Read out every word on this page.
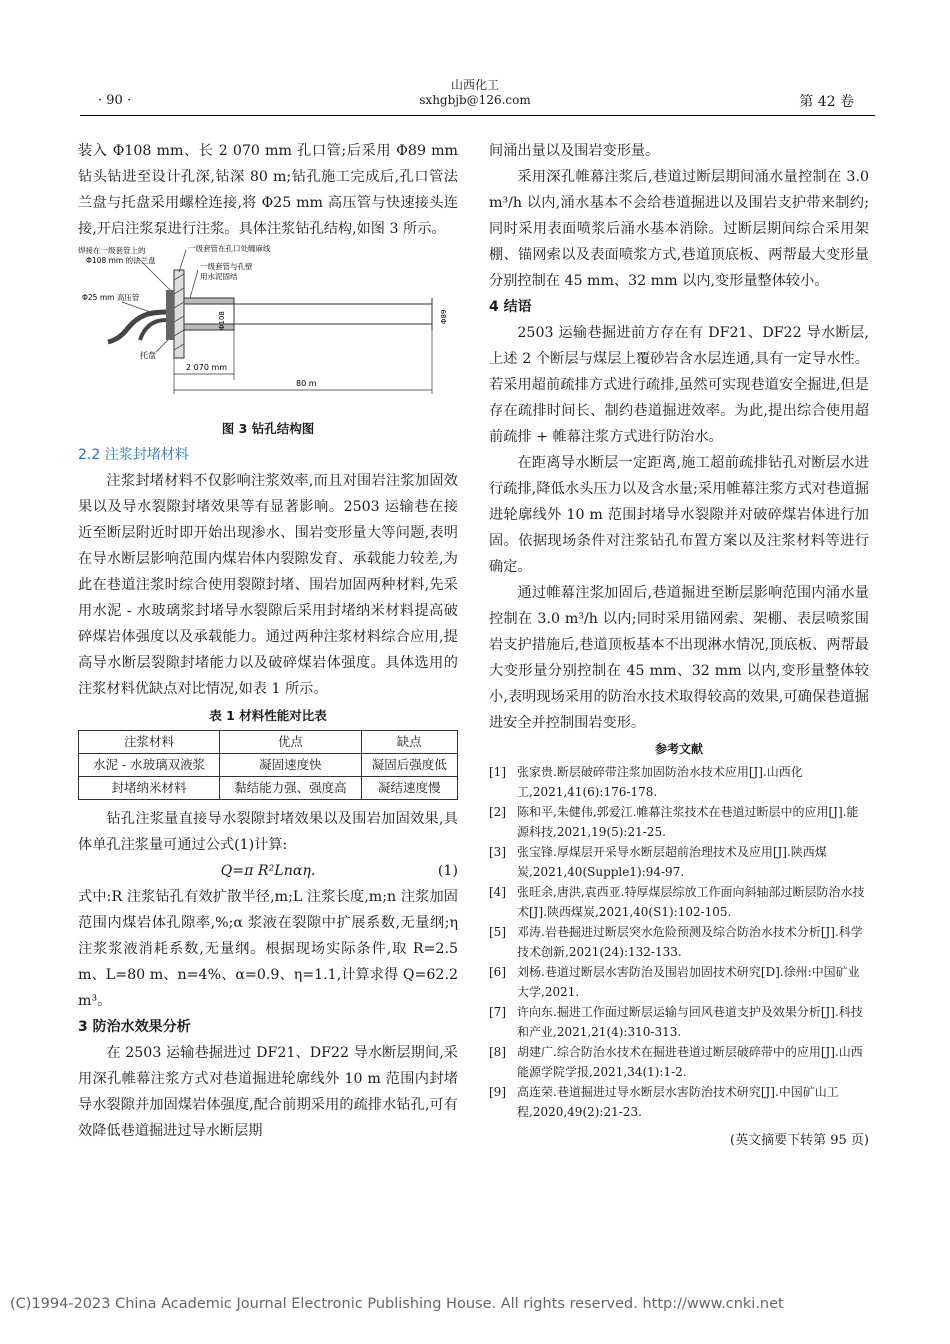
· 90 ·
山西化工
sxhgbjb@126.com	第 42 卷

装入 Φ108 mm、长 2 070 mm 孔口管;后采用 Φ89 mm 钻头钻进至设计孔深,钻深 80 m;钻孔施工完成后,孔口管法兰盘与托盘采用螺栓连接,将 Φ25 mm 高压管与快速接头连接,开启注浆泵进行注浆。具体注浆钻孔结构,如图 3 所示。

焊接在一级套管上的
Φ108 mm 的法兰盘
一级套管在孔口处缠麻线
一级套管与孔壁
用水泥固结
Φ25 mm 高压管
托盘
Φ108	Φ89
2 070 mm
80 m
图 3 钻孔结构图
2.2 注浆封堵材料

注浆封堵材料不仅影响注浆效率,而且对围岩注浆加固效果以及导水裂隙封堵效果等有显著影响。2503 运输巷在接近至断层附近时即开始出现渗水、围岩变形量大等问题,表明在导水断层影响范围内煤岩体内裂隙发育、承载能力较差,为此在巷道注浆时综合使用裂隙封堵、围岩加固两种材料,先采用水泥 - 水玻璃浆封堵导水裂隙后采用封堵纳米材料提高破碎煤岩体强度以及承载能力。通过两种注浆材料综合应用,提高导水断层裂隙封堵能力以及破碎煤岩体强度。具体选用的注浆材料优缺点对比情况,如表 1 所示。

表 1 材料性能对比表
注浆材料	优点	缺点
水泥 - 水玻璃双液浆	凝固速度快	凝固后强度低
封堵纳米材料	黏结能力强、强度高	凝结速度慢

钻孔注浆量直接导水裂隙封堵效果以及围岩加固效果,具体单孔注浆量可通过公式(1)计算:

Q=π R²Lnαη.	(1)

式中:R 注浆钻孔有效扩散半径,m;L 注浆长度,m;n 注浆加固范围内煤岩体孔隙率,%;α 浆液在裂隙中扩展系数,无量纲;η 注浆浆液消耗系数,无量纲。根据现场实际条件,取 R=2.5 m、L=80 m、n=4%、α=0.9、η=1.1,计算求得 Q=62.2 m³。

3 防治水效果分析

在 2503 运输巷掘进过 DF21、DF22 导水断层期间,采用深孔帷幕注浆方式对巷道掘进轮廓线外 10 m 范围内封堵导水裂隙并加固煤岩体强度,配合前期采用的疏排水钻孔,可有效降低巷道掘进过导水断层期

间涌出量以及围岩变形量。

采用深孔帷幕注浆后,巷道过断层期间涌水量控制在 3.0 m³/h 以内,涌水基本不会给巷道掘进以及围岩支护带来制约;同时采用表面喷浆后涌水基本消除。过断层期间综合采用架棚、锚网索以及表面喷浆方式,巷道顶底板、两帮最大变形量分别控制在 45 mm、32 mm 以内,变形量整体较小。

4 结语

2503 运输巷掘进前方存在有 DF21、DF22 导水断层,上述 2 个断层与煤层上覆砂岩含水层连通,具有一定导水性。若采用超前疏排方式进行疏排,虽然可实现巷道安全掘进,但是存在疏排时间长、制约巷道掘进效率。为此,提出综合使用超前疏排 + 帷幕注浆方式进行防治水。

在距离导水断层一定距离,施工超前疏排钻孔对断层水进行疏排,降低水头压力以及含水量;采用帷幕注浆方式对巷道掘进轮廓线外 10 m 范围封堵导水裂隙并对破碎煤岩体进行加固。依据现场条件对注浆钻孔布置方案以及注浆材料等进行确定。

通过帷幕注浆加固后,巷道掘进至断层影响范围内涌水量控制在 3.0 m³/h 以内;同时采用锚网索、架棚、表层喷浆围岩支护措施后,巷道顶板基本不出现淋水情况,顶底板、两帮最大变形量分别控制在 45 mm、32 mm 以内,变形量整体较小,表明现场采用的防治水技术取得较高的效果,可确保巷道掘进安全并控制围岩变形。

参考文献
[1] 张家贵.断层破碎带注浆加固防治水技术应用[J].山西化工,2021,41(6):176-178.
[2] 陈和平,朱健伟,郭爱江.帷幕注浆技术在巷道过断层中的应用[J].能源科技,2021,19(5):21-25.
[3] 张宝锋.厚煤层开采导水断层超前治理技术及应用[J].陕西煤炭,2021,40(Supple1):94-97.
[4] 张旺余,唐洪,袁西亚.特厚煤层综放工作面向斜轴部过断层防治水技术[J].陕西煤炭,2021,40(S1):102-105.
[5] 邓涛.岩巷掘进过断层突水危险预测及综合防治水技术分析[J].科学技术创新,2021(24):132-133.
[6] 刘杨.巷道过断层水害防治及围岩加固技术研究[D].徐州:中国矿业大学,2021.
[7] 许向东.掘进工作面过断层运输与回风巷道支护及效果分析[J].科技和产业,2021,21(4):310-313.
[8] 胡建广.综合防治水技术在掘进巷道过断层破碎带中的应用[J].山西能源学院学报,2021,34(1):1-2.
[9] 高连荣.巷道掘进过导水断层水害防治技术研究[J].中国矿山工程,2020,49(2):21-23.
(英文摘要下转第 95 页)
(C)1994-2023 China Academic Journal Electronic Publishing House. All rights reserved. http://www.cnki.net
